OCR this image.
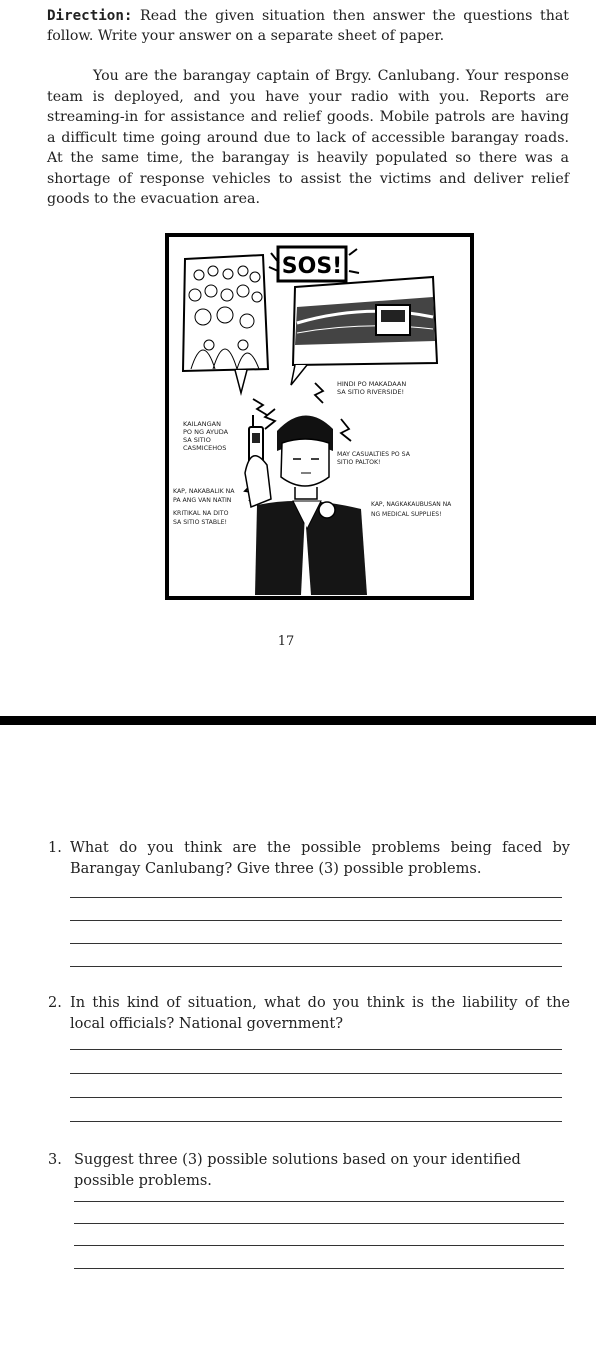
Direction: Read the given situation then answer the questions that follow. Write your answer on a separate sheet of paper.

You are the barangay captain of Brgy. Canlubang. Your response team is deployed, and you have your radio with you. Reports are streaming-in for assistance and relief goods. Mobile patrols are having a difficult time going around due to lack of accessible barangay roads. At the same time, the barangay is heavily populated so there was a shortage of response vehicles to assist the victims and deliver relief goods to the evacuation area.

SOS!
KAILANGAN
PO NG AYUDA
SA SITIO
CASMICEHOS
HINDI PO MAKADAAN
SA SITIO RIVERSIDE!
MAY CASUALTIES PO SA
SITIO PALTOK!
KAP, NAKABALIK NA
PA ANG VAN NATIN
KRITIKAL NA DITO
SA SITIO STABLE!
KAP, NAGKAKAUBUSAN NA
NG MEDICAL SUPPLIES!
17
1. What do you think are the possible problems being faced by Barangay Canlubang? Give three (3) possible problems.
2. In this kind of situation, what do you think is the liability of the local officials? National government?
3. Suggest three (3) possible solutions based on your identified possible problems.
